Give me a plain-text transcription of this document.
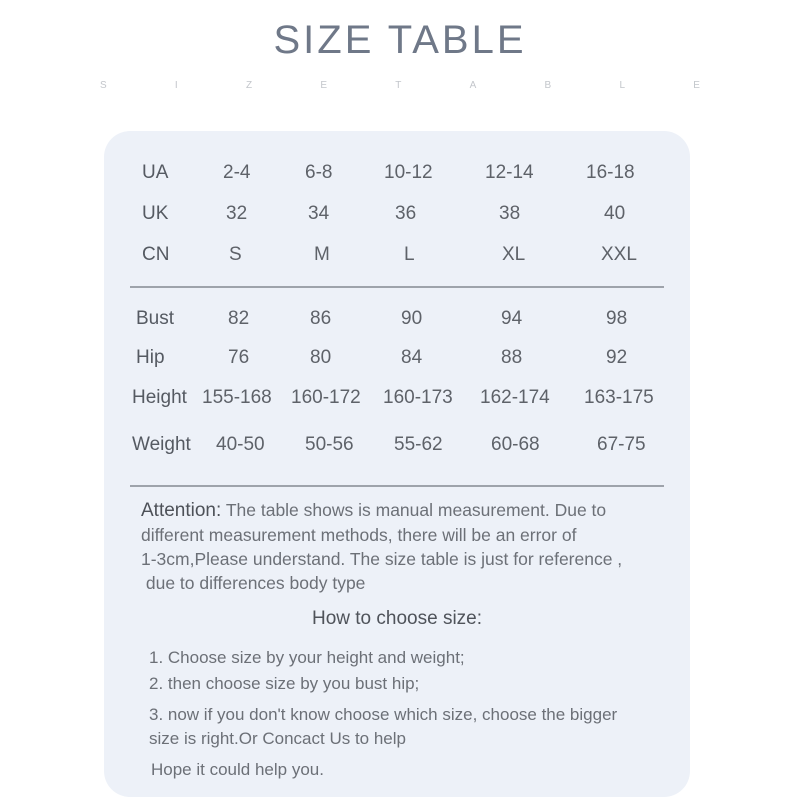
SIZE TABLE
S	I	Z	E	T	A	B	L	E
UA	2-4	6-8	10-12	12-14	16-18
UK	32	34	36	38	40
CN	S	M	L	XL	XXL
Bust	82	86	90	94	98
Hip	76	80	84	88	92
Height 155-168 160-172 160-173 162-174 163-175
Weight 40-50 50-56 55-62	60-68	67-75
Attention: The table shows is manual measurement. Due to
different measurement methods, there will be an error of
1-3cm,Please understand. The size table is just for reference ,
due to differences body type
How to choose size:
1. Choose size by your height and weight;
2. then choose size by you bust hip;
3. now if you don't know choose which size, choose the bigger
size is right.Or Concact Us to help
Hope it could help you.
